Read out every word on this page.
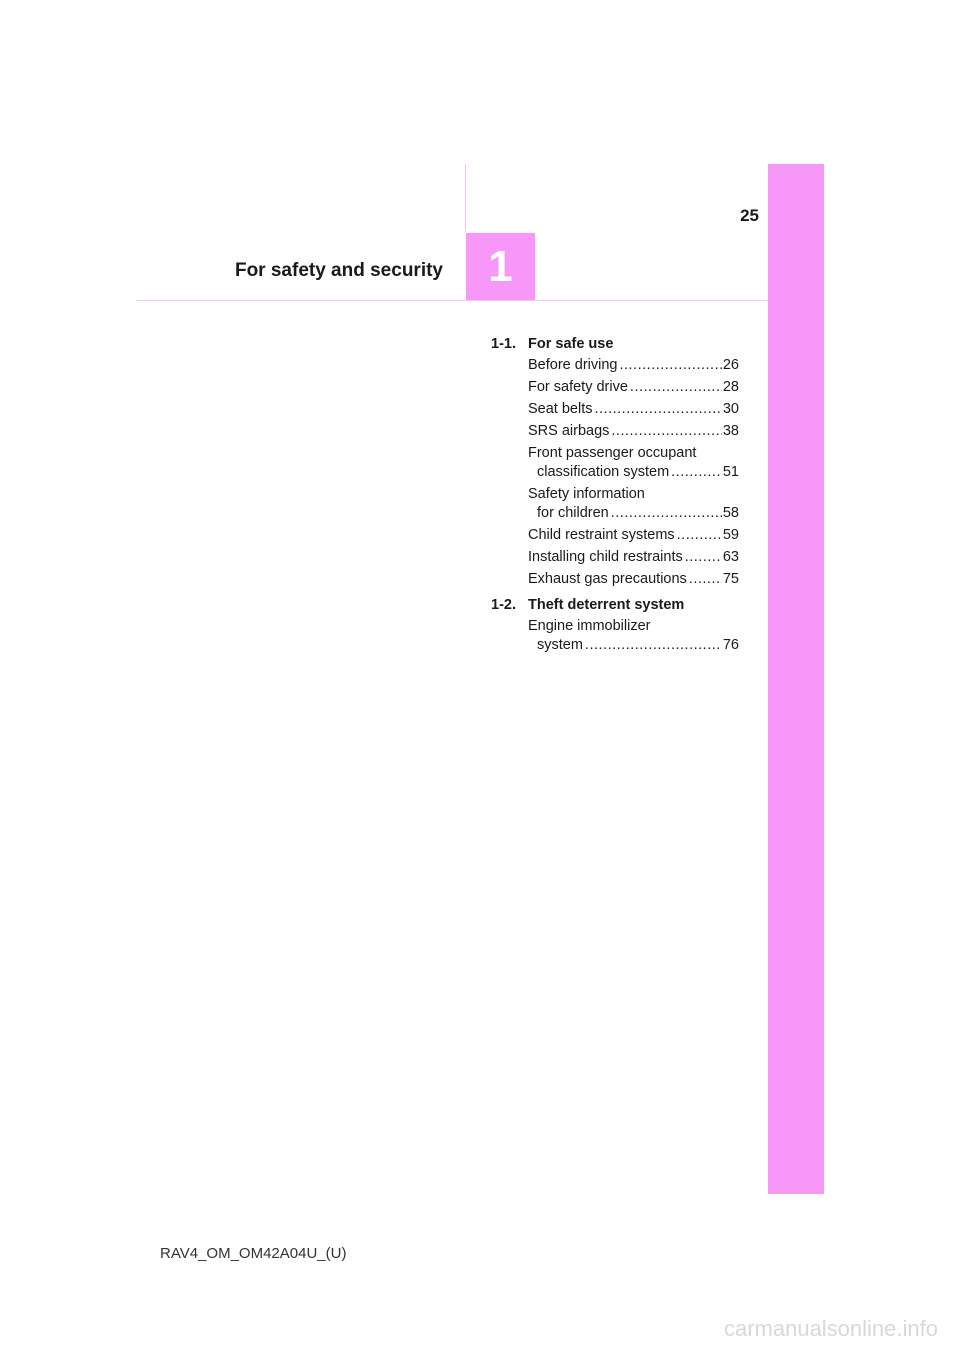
25
For safety and security	1
1-1. For safe use
Before driving .....	26
For safety drive .....	28
Seat belts .....	30
SRS airbags .....	38
Front passenger occupant
classification system .....	51
Safety information
for children .....	58
Child restraint systems .....	59
Installing child restraints .....	63
Exhaust gas precautions ..... 75
1-2. Theft deterrent system
Engine immobilizer
system .....	76
RAV4_OM_OM42A04U_(U)
carmanualsonline.info
